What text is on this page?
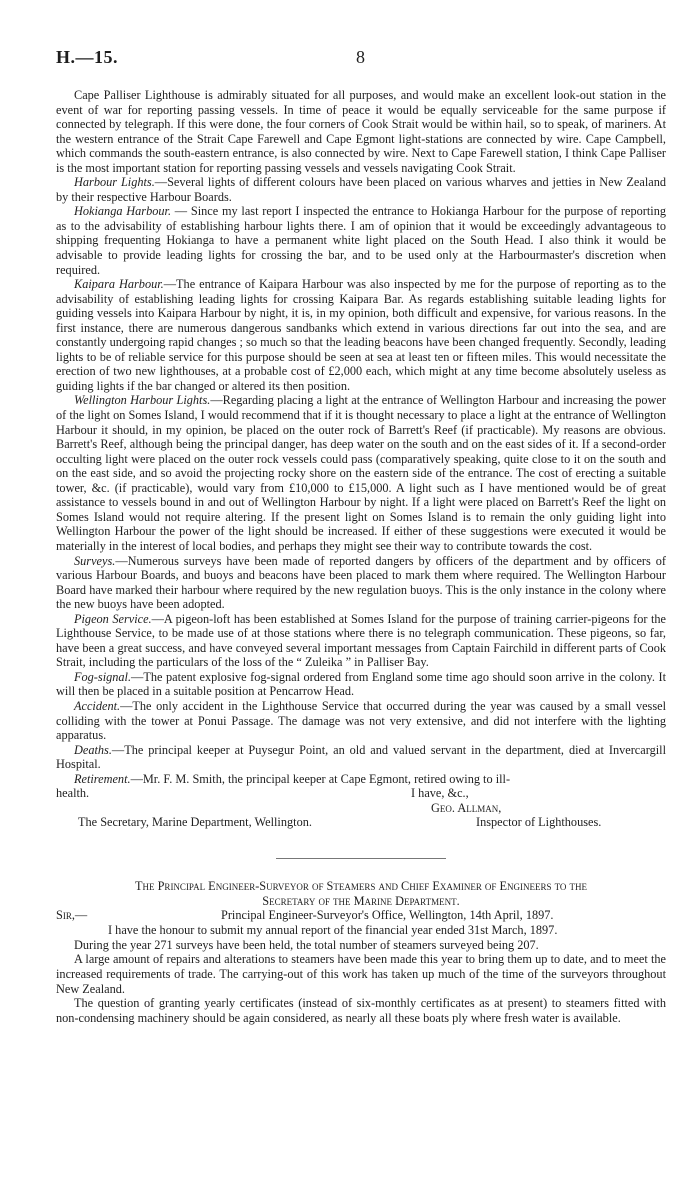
H.—15.	8

Cape Palliser Lighthouse is admirably situated for all purposes, and would make an excellent look-out station in the event of war for reporting passing vessels. In time of peace it would be equally serviceable for the same purpose if connected by telegraph. If this were done, the four corners of Cook Strait would be within hail, so to speak, of mariners. At the western entrance of the Strait Cape Farewell and Cape Egmont light-stations are connected by wire. Cape Campbell, which commands the south-eastern entrance, is also connected by wire. Next to Cape Farewell station, I think Cape Palliser is the most important station for reporting passing vessels and vessels navigating Cook Strait.

Harbour Lights.—Several lights of different colours have been placed on various wharves and jetties in New Zealand by their respective Harbour Boards.

Hokianga Harbour. — Since my last report I inspected the entrance to Hokianga Harbour for the purpose of reporting as to the advisability of establishing harbour lights there. I am of opinion that it would be exceedingly advantageous to shipping frequenting Hokianga to have a permanent white light placed on the South Head. I also think it would be advisable to provide leading lights for crossing the bar, and to be used only at the Harbourmaster's discretion when required.

Kaipara Harbour.—The entrance of Kaipara Harbour was also inspected by me for the purpose of reporting as to the advisability of establishing leading lights for crossing Kaipara Bar. As regards establishing suitable leading lights for guiding vessels into Kaipara Harbour by night, it is, in my opinion, both difficult and expensive, for various reasons. In the first instance, there are numerous dangerous sandbanks which extend in various directions far out into the sea, and are constantly undergoing rapid changes ; so much so that the leading beacons have been changed frequently. Secondly, leading lights to be of reliable service for this purpose should be seen at sea at least ten or fifteen miles. This would necessitate the erection of two new lighthouses, at a probable cost of £2,000 each, which might at any time become absolutely useless as guiding lights if the bar changed or altered its then position.

Wellington Harbour Lights.—Regarding placing a light at the entrance of Wellington Harbour and increasing the power of the light on Somes Island, I would recommend that if it is thought necessary to place a light at the entrance of Wellington Harbour it should, in my opinion, be placed on the outer rock of Barrett's Reef (if practicable). My reasons are obvious. Barrett's Reef, although being the principal danger, has deep water on the south and on the east sides of it. If a second-order occulting light were placed on the outer rock vessels could pass (comparatively speaking, quite close to it on the south and on the east side, and so avoid the projecting rocky shore on the eastern side of the entrance. The cost of erecting a suitable tower, &c. (if practicable), would vary from £10,000 to £15,000. A light such as I have mentioned would be of great assistance to vessels bound in and out of Wellington Harbour by night. If a light were placed on Barrett's Reef the light on Somes Island would not require altering. If the present light on Somes Island is to remain the only guiding light into Wellington Harbour the power of the light should be increased. If either of these suggestions were executed it would be materially in the interest of local bodies, and perhaps they might see their way to contribute towards the cost.

Surveys.—Numerous surveys have been made of reported dangers by officers of the department and by officers of various Harbour Boards, and buoys and beacons have been placed to mark them where required. The Wellington Harbour Board have marked their harbour where required by the new regulation buoys. This is the only instance in the colony where the new buoys have been adopted.

Pigeon Service.—A pigeon-loft has been established at Somes Island for the purpose of training carrier-pigeons for the Lighthouse Service, to be made use of at those stations where there is no telegraph communication. These pigeons, so far, have been a great success, and have conveyed several important messages from Captain Fairchild in different parts of Cook Strait, including the particulars of the loss of the “ Zuleika ” in Palliser Bay.

Fog-signal.—The patent explosive fog-signal ordered from England some time ago should soon arrive in the colony. It will then be placed in a suitable position at Pencarrow Head.

Accident.—The only accident in the Lighthouse Service that occurred during the year was caused by a small vessel colliding with the tower at Ponui Passage. The damage was not very extensive, and did not interfere with the lighting apparatus.

Deaths.—The principal keeper at Puysegur Point, an old and valued servant in the department, died at Invercargill Hospital.

Retirement.—Mr. F. M. Smith, the principal keeper at Cape Egmont, retired owing to ill-

health.	I have, &c.,
Geo. Allman,
The Secretary, Marine Department, Wellington.	Inspector of Lighthouses.

The Principal Engineer-Surveyor of Steamers and Chief Examiner of Engineers to the
Secretary of the Marine Department.

Sir,—	Principal Engineer-Surveyor's Office, Wellington, 14th April, 1897.

I have the honour to submit my annual report of the financial year ended 31st March, 1897.

During the year 271 surveys have been held, the total number of steamers surveyed being 207.

A large amount of repairs and alterations to steamers have been made this year to bring them up to date, and to meet the increased requirements of trade. The carrying-out of this work has taken up much of the time of the surveyors throughout New Zealand.

The question of granting yearly certificates (instead of six-monthly certificates as at present) to steamers fitted with non-condensing machinery should be again considered, as nearly all these boats ply where fresh water is available.
